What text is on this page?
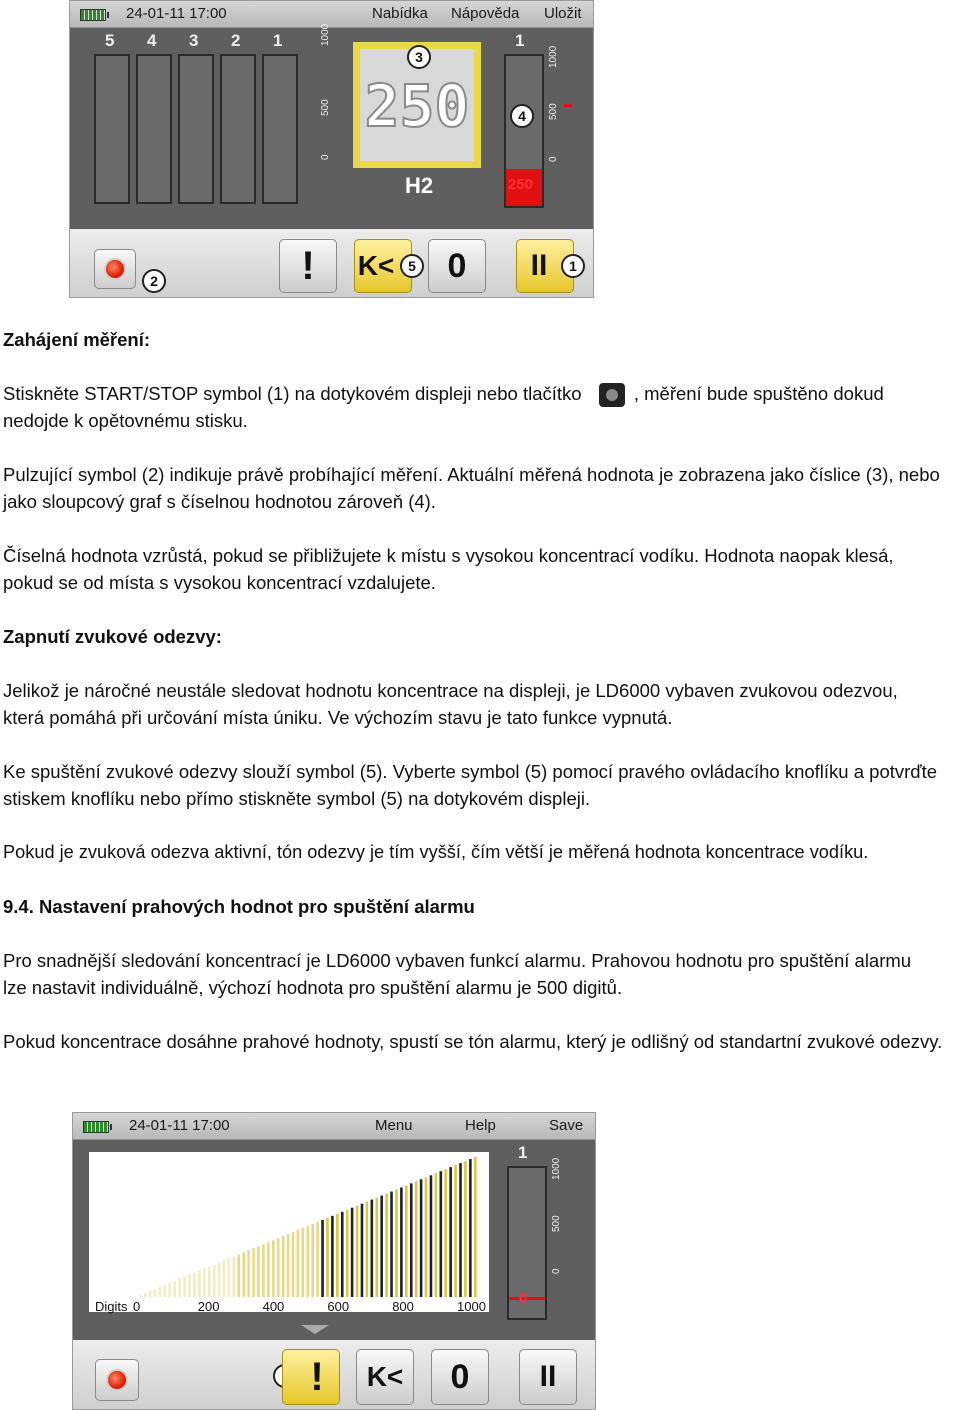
24-01-11 17:00	Nabídka Nápověda Uložit
5 4 3 2 1	1000
500
0
250
3
H2
1
4
250
1000
500
0
2	!	K< 5 0	II	1

Zahájení měření:

Stiskněte START/STOP symbol (1) na dotykovém displeji nebo tlačítko	, měření bude spuštěno dokud
nedojde k opětovnému stisku.

Pulzující symbol (2) indikuje právě probíhající měření. Aktuální měřená hodnota je zobrazena jako číslice (3), nebo jako sloupcový graf s číselnou hodnotou zároveň (4).

Číselná hodnota vzrůstá, pokud se přibližujete k místu s vysokou koncentrací vodíku. Hodnota naopak klesá, pokud se od místa s vysokou koncentrací vzdalujete.

Zapnutí zvukové odezvy:

Jelikož je náročné neustále sledovat hodnotu koncentrace na displeji, je LD6000 vybaven zvukovou odezvou, která pomáhá při určování místa úniku. Ve výchozím stavu je tato funkce vypnutá.

Ke spuštění zvukové odezvy slouží symbol (5). Vyberte symbol (5) pomocí pravého ovládacího knoflíku a potvrďte stiskem knoflíku nebo přímo stiskněte symbol (5) na dotykovém displeji.

Pokud je zvuková odezva aktivní, tón odezvy je tím vyšší, čím větší je měřená hodnota koncentrace vodíku.

9.4. Nastavení prahových hodnot pro spuštění alarmu

Pro snadnější sledování koncentrací je LD6000 vybaven funkcí alarmu. Prahovou hodnotu pro spuštění alarmu lze nastavit individuálně, výchozí hodnota pro spuštění alarmu je 500 digitů.

Pokud koncentrace dosáhne prahové hodnoty, spustí se tón alarmu, který je odlišný od standartní zvukové odezvy.

24-01-11 17:00	Menu	Help	Save
Digits 0	200	400	600	800	1000
1
0
1000
500
0
!	K<	0	II
